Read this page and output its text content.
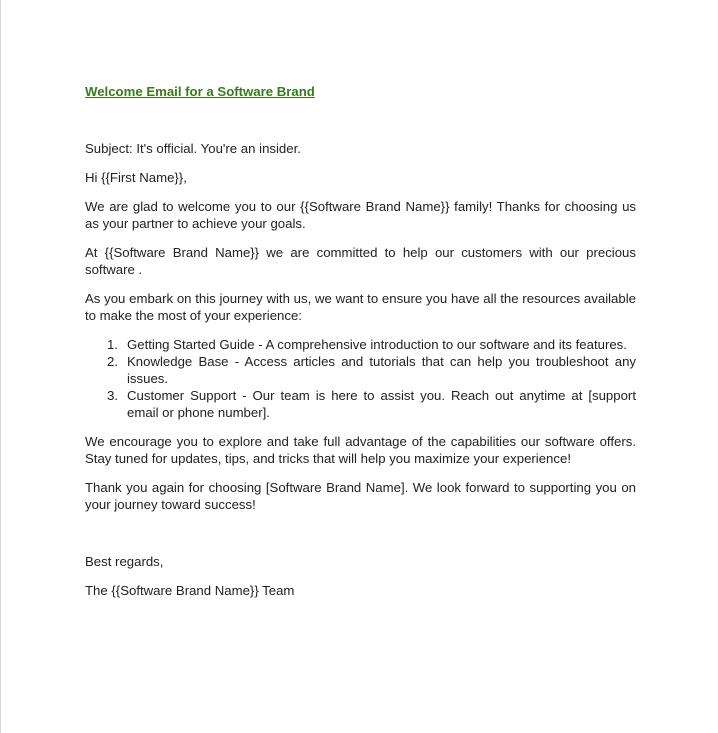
Welcome Email for a Software Brand

Subject: It's official. You're an insider.

Hi {{First Name}},

We are glad to welcome you to our {{Software Brand Name}} family! Thanks for choosing us as your partner to achieve your goals.

At {{Software Brand Name}} we are committed to help our customers with our precious software .

As you embark on this journey with us, we want to ensure you have all the resources available to make the most of your experience:

1. Getting Started Guide - A comprehensive introduction to our software and its features.
2. Knowledge Base - Access articles and tutorials that can help you troubleshoot any issues.
3. Customer Support - Our team is here to assist you. Reach out anytime at [support email or phone number].

We encourage you to explore and take full advantage of the capabilities our software offers. Stay tuned for updates, tips, and tricks that will help you maximize your experience!

Thank you again for choosing [Software Brand Name]. We look forward to supporting you on your journey toward success!

Best regards,

The {{Software Brand Name}} Team
